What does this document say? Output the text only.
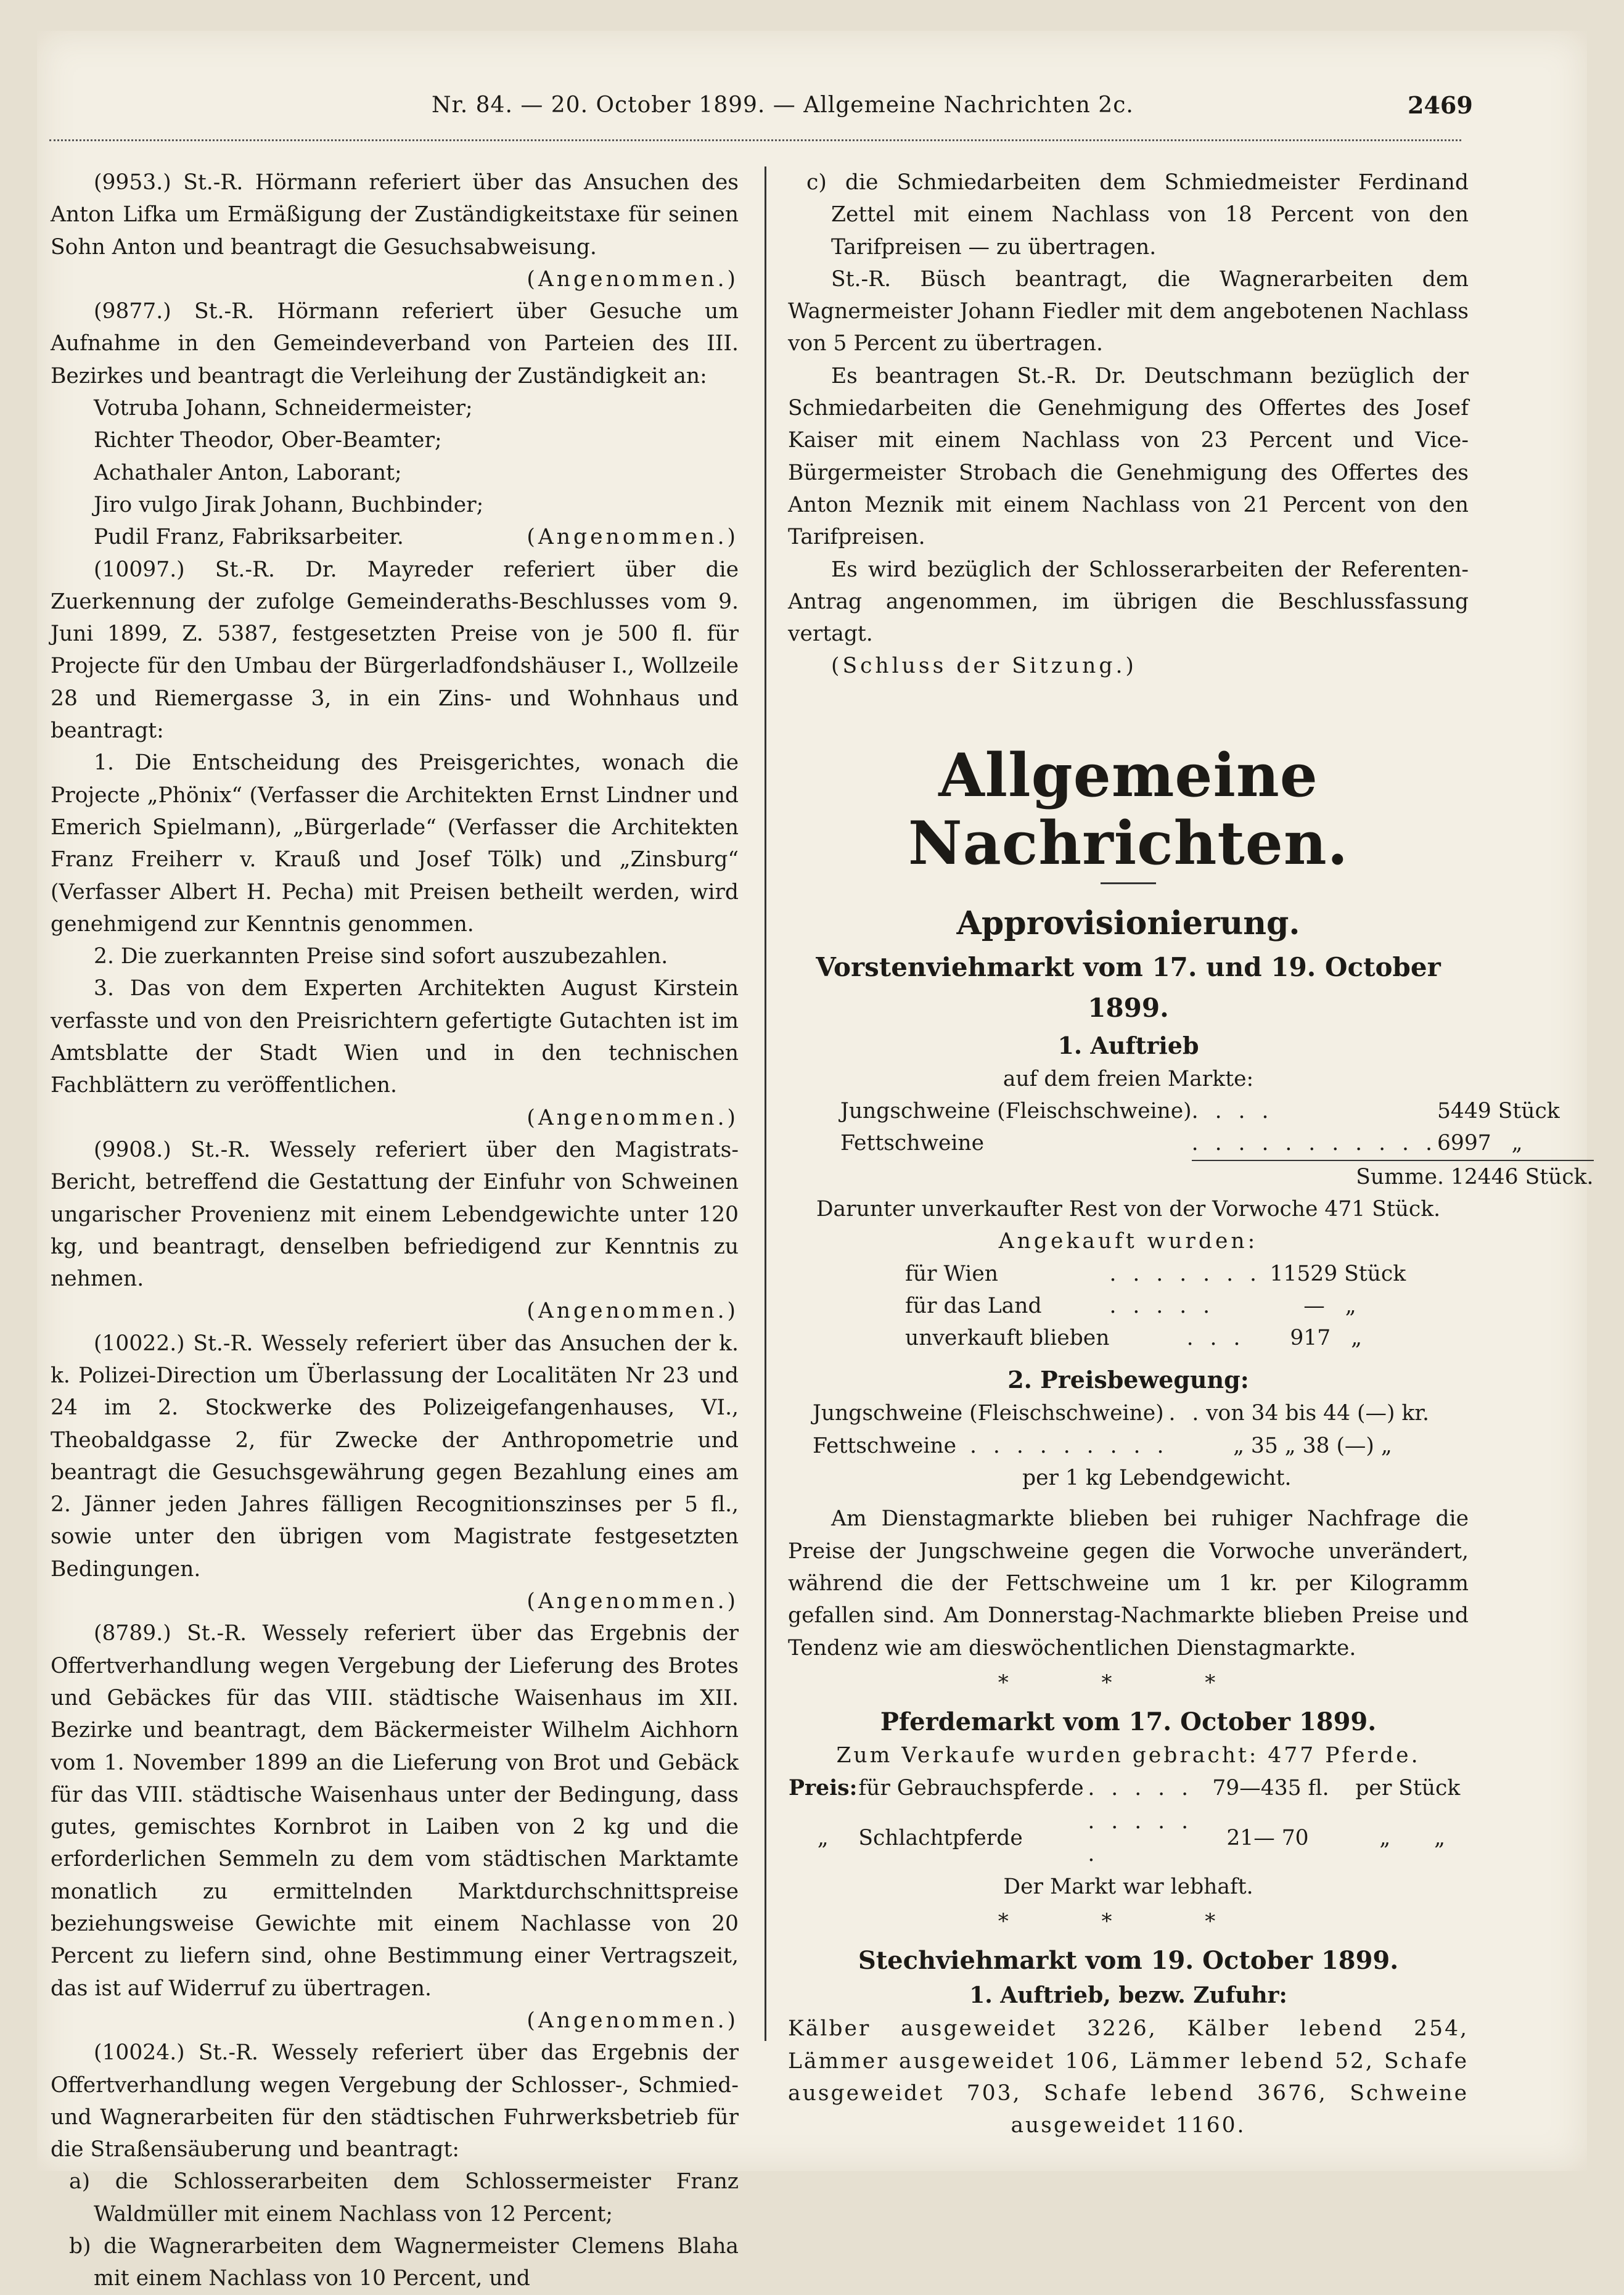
Nr. 84. — 20. October 1899. — Allgemeine Nachrichten 2c.	2469

(9953.) St.-R. Hörmann referiert über das Ansuchen des Anton Lifka um Ermäßigung der Zuständigkeitstaxe für seinen Sohn Anton und beantragt die Gesuchsabweisung.

(Angenommen.)

(9877.) St.-R. Hörmann referiert über Gesuche um Aufnahme in den Gemeindeverband von Parteien des III. Bezirkes und beantragt die Verleihung der Zuständigkeit an:

Votruba Johann, Schneidermeister;

Richter Theodor, Ober-Beamter;

Achathaler Anton, Laborant;

Jiro vulgo Jirak Johann, Buchbinder;

Pudil Franz, Fabriksarbeiter.	(Angenommen.)

(10097.) St.-R. Dr. Mayreder referiert über die Zuerkennung der zufolge Gemeinderaths-Beschlusses vom 9. Juni 1899, Z. 5387, festgesetzten Preise von je 500 fl. für Projecte für den Umbau der Bürgerladfondshäuser I., Wollzeile 28 und Riemergasse 3, in ein Zins- und Wohnhaus und beantragt:

1. Die Entscheidung des Preisgerichtes, wonach die Projecte „Phönix“ (Verfasser die Architekten Ernst Lindner und Emerich Spielmann), „Bürgerlade“ (Verfasser die Architekten Franz Freiherr v. Krauß und Josef Tölk) und „Zinsburg“ (Verfasser Albert H. Pecha) mit Preisen betheilt werden, wird genehmigend zur Kenntnis genommen.

2. Die zuerkannten Preise sind sofort auszubezahlen.

3. Das von dem Experten Architekten August Kirstein verfasste und von den Preisrichtern gefertigte Gutachten ist im Amtsblatte der Stadt Wien und in den technischen Fachblättern zu veröffentlichen.

(Angenommen.)

(9908.) St.-R. Wessely referiert über den Magistrats-Bericht, betreffend die Gestattung der Einfuhr von Schweinen ungarischer Provenienz mit einem Lebendgewichte unter 120 kg, und beantragt, denselben befriedigend zur Kenntnis zu nehmen.

(Angenommen.)

(10022.) St.-R. Wessely referiert über das Ansuchen der k. k. Polizei-Direction um Überlassung der Localitäten Nr 23 und 24 im 2. Stockwerke des Polizeigefangenhauses, VI., Theobaldgasse 2, für Zwecke der Anthropometrie und beantragt die Gesuchsgewährung gegen Bezahlung eines am 2. Jänner jeden Jahres fälligen Recognitionszinses per 5 fl., sowie unter den übrigen vom Magistrate festgesetzten Bedingungen.

(Angenommen.)

(8789.) St.-R. Wessely referiert über das Ergebnis der Offertverhandlung wegen Vergebung der Lieferung des Brotes und Gebäckes für das VIII. städtische Waisenhaus im XII. Bezirke und beantragt, dem Bäckermeister Wilhelm Aichhorn vom 1. November 1899 an die Lieferung von Brot und Gebäck für das VIII. städtische Waisenhaus unter der Bedingung, dass gutes, gemischtes Kornbrot in Laiben von 2 kg und die erforderlichen Semmeln zu dem vom städtischen Marktamte monatlich zu ermittelnden Marktdurchschnittspreise beziehungsweise Gewichte mit einem Nachlasse von 20 Percent zu liefern sind, ohne Bestimmung einer Vertragszeit, das ist auf Widerruf zu übertragen.

(Angenommen.)

(10024.) St.-R. Wessely referiert über das Ergebnis der Offertverhandlung wegen Vergebung der Schlosser-, Schmied- und Wagnerarbeiten für den städtischen Fuhrwerksbetrieb für die Straßensäuberung und beantragt:

a) die Schlosserarbeiten dem Schlossermeister Franz Waldmüller mit einem Nachlass von 12 Percent;

b) die Wagnerarbeiten dem Wagnermeister Clemens Blaha mit einem Nachlass von 10 Percent, und

c) die Schmiedarbeiten dem Schmiedmeister Ferdinand Zettel mit einem Nachlass von 18 Percent von den Tarifpreisen — zu übertragen.

St.-R. Büsch beantragt, die Wagnerarbeiten dem Wagnermeister Johann Fiedler mit dem angebotenen Nachlass von 5 Percent zu übertragen.

Es beantragen St.-R. Dr. Deutschmann bezüglich der Schmiedarbeiten die Genehmigung des Offertes des Josef Kaiser mit einem Nachlass von 23 Percent und Vice-Bürgermeister Strobach die Genehmigung des Offertes des Anton Meznik mit einem Nachlass von 21 Percent von den Tarifpreisen.

Es wird bezüglich der Schlosserarbeiten der Referenten-Antrag angenommen, im übrigen die Beschlussfassung vertagt.

(Schluss der Sitzung.)

Allgemeine Nachrichten.
Approvisionierung.
Vorstenviehmarkt vom 17. und 19. October 1899.
1. Auftrieb

auf dem freien Markte:

Jungschweine (Fleischschweine)	. . . .	5449 Stück
Fettschweine	. . . . . . . . . . .	6997 „
	Summe	. 12446 Stück.

Darunter unverkaufter Rest von der Vorwoche 471 Stück.

Angekauft wurden:

für Wien	. . . . . . .	11529 Stück
für das Land	. . . . .	— „
unverkauft blieben	. . .	917 „
2. Preisbewegung:
Jungschweine (Fleischschweine)	. .	von 34 bis 44 (—) kr.
Fettschweine . . . . . . . . .		„ 35 „ 38 (—) „

per 1 kg Lebendgewicht.

Am Dienstagmarkte blieben bei ruhiger Nachfrage die Preise der Jungschweine gegen die Vorwoche unverändert, während die der Fettschweine um 1 kr. per Kilogramm gefallen sind. Am Donnerstag-Nachmarkte blieben Preise und Tendenz wie am dieswöchentlichen Dienstagmarkte.

* * *
Pferdemarkt vom 17. October 1899.

Zum Verkaufe wurden gebracht: 477 Pferde.

Preis:	für Gebrauchspferde	. . . . .	79—435 fl.	per Stück
„	Schlachtpferde	. . . . . .	21— 70	„ „

Der Markt war lebhaft.

* * *
Stechviehmarkt vom 19. October 1899.
1. Auftrieb, bezw. Zufuhr:

Kälber ausgeweidet 3226, Kälber lebend 254, Lämmer ausgeweidet 106, Lämmer lebend 52, Schafe ausgeweidet 703, Schafe lebend 3676, Schweine ausgeweidet 1160.
